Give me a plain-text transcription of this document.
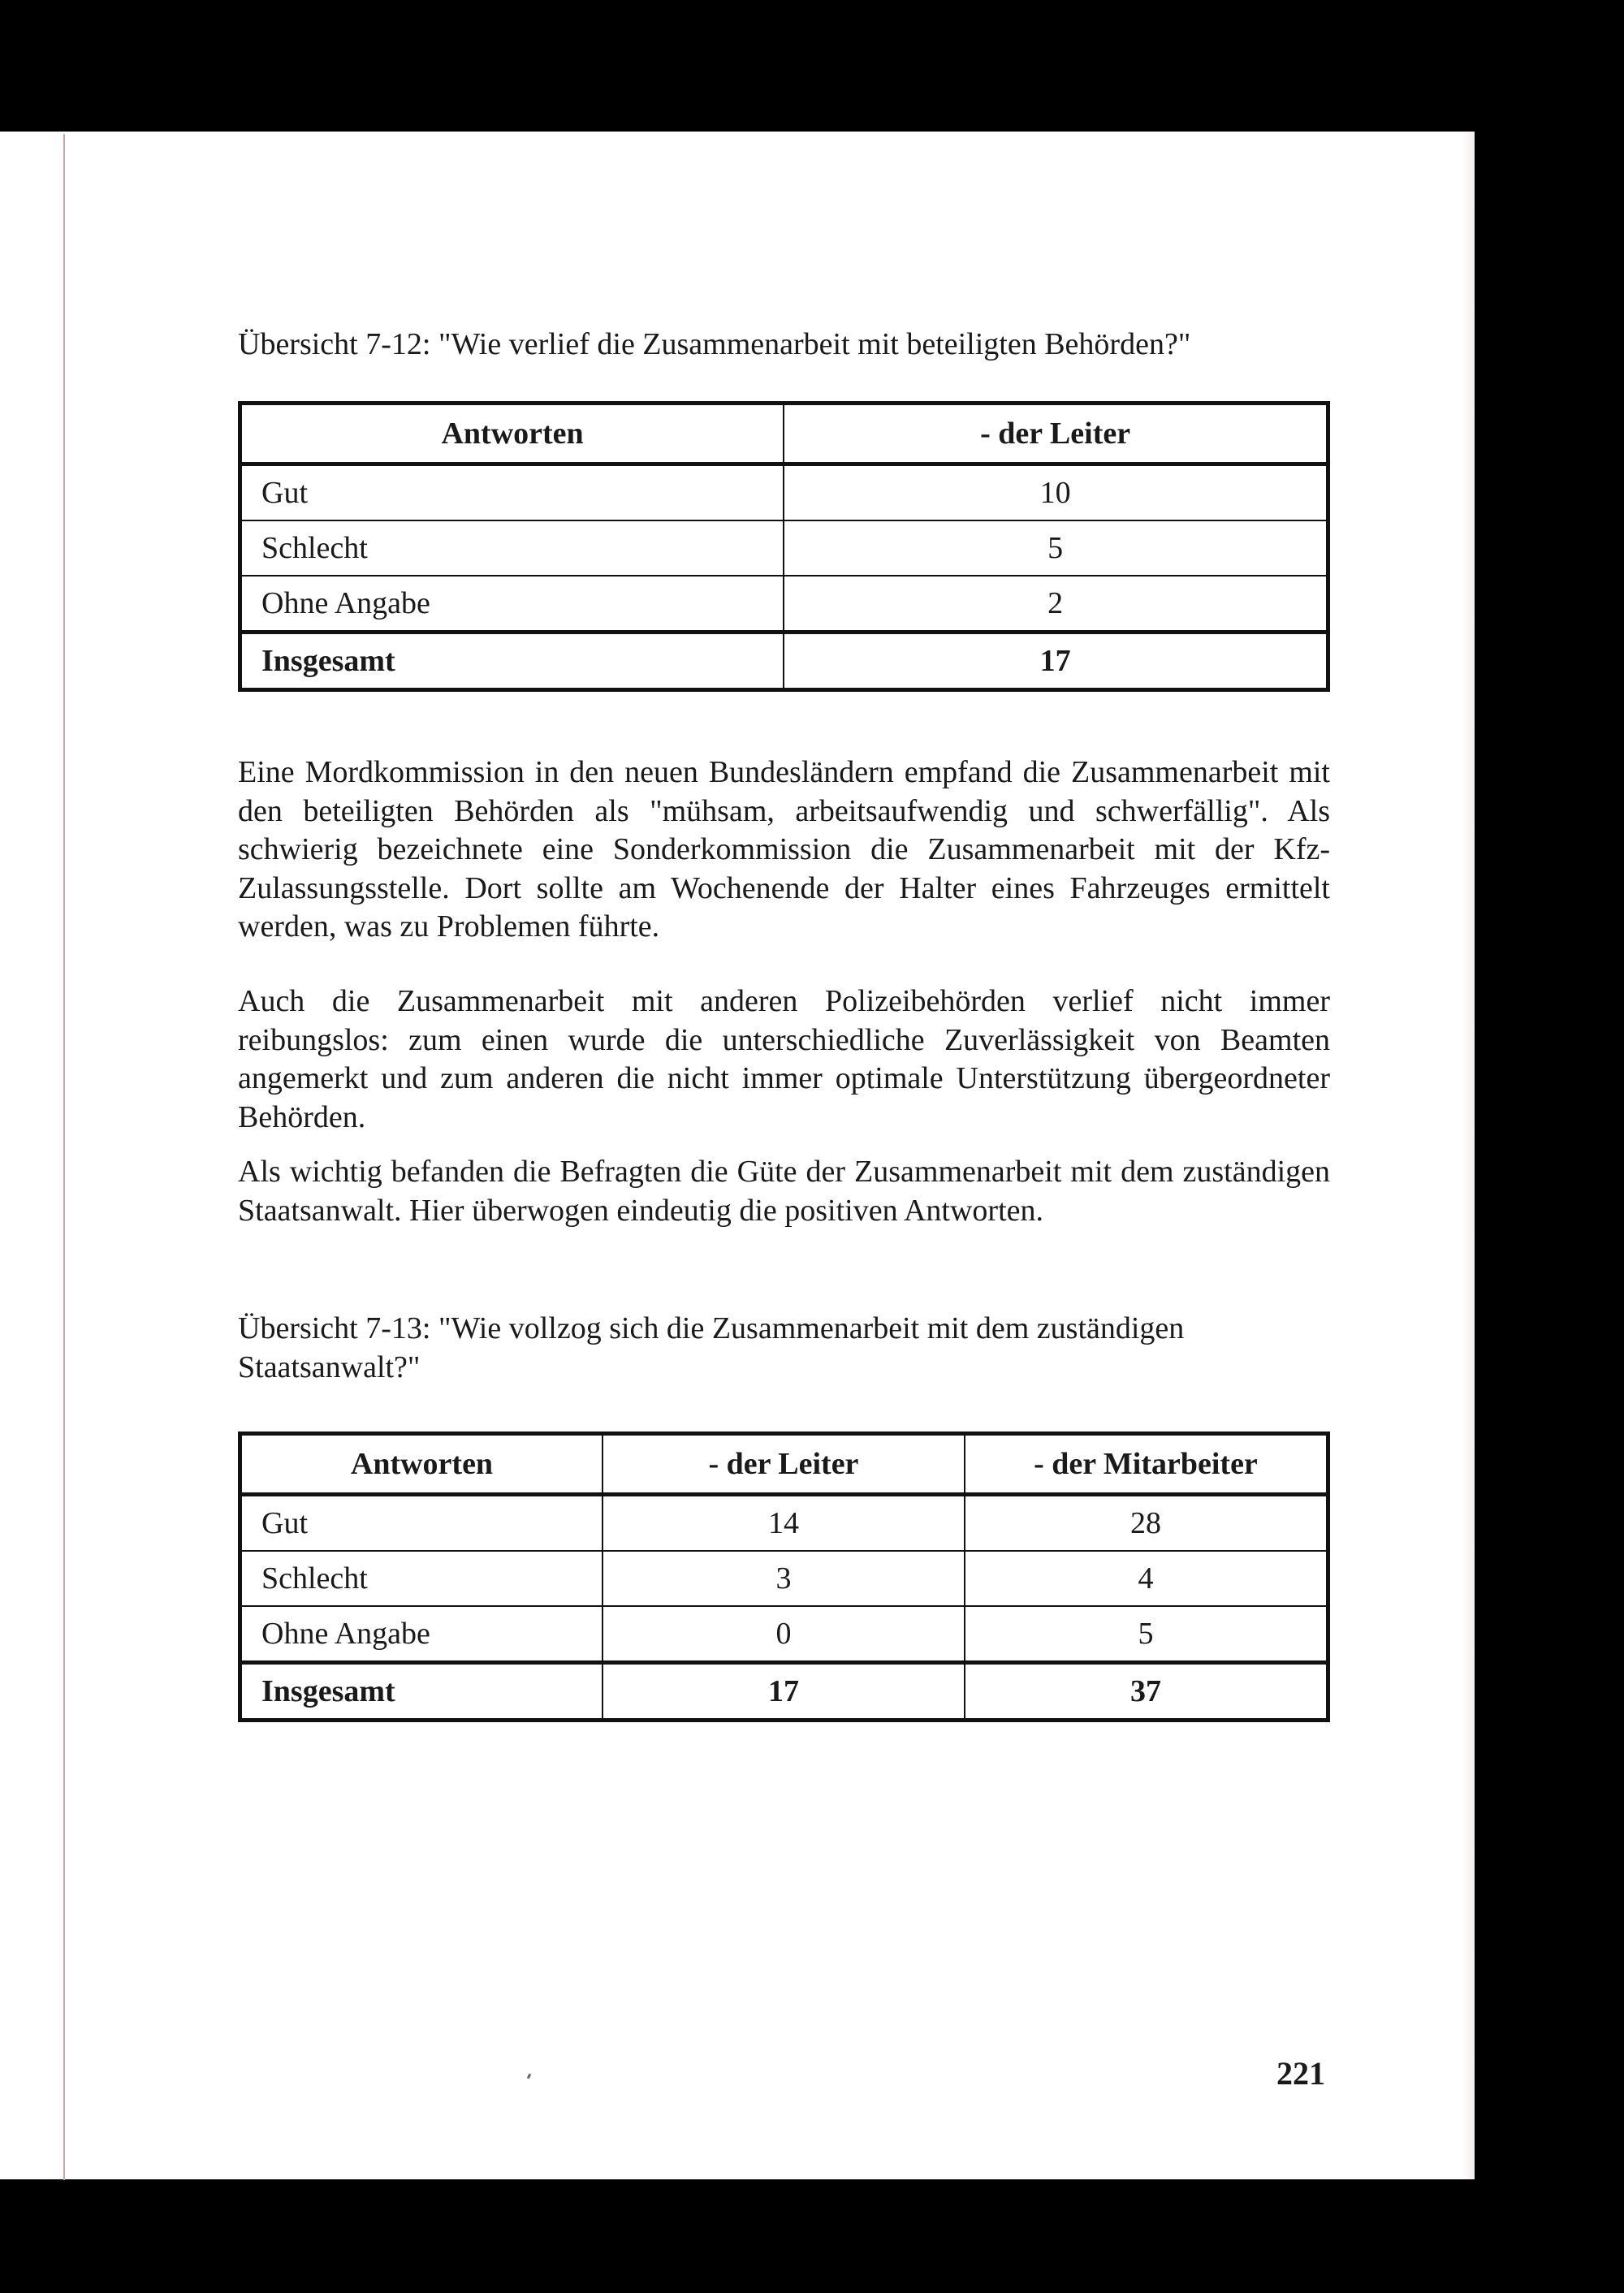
Übersicht 7-12: "Wie verlief die Zusammenarbeit mit beteiligten Behörden?"
Antworten	- der Leiter
Gut	10
Schlecht	5
Ohne Angabe	2
Insgesamt	17

Eine Mordkommission in den neuen Bundesländern empfand die Zusammenarbeit mit den beteiligten Behörden als "mühsam, arbeitsaufwendig und schwerfällig". Als schwierig bezeichnete eine Sonderkommission die Zusammenarbeit mit der Kfz-Zulassungsstelle. Dort sollte am Wochenende der Halter eines Fahrzeuges ermittelt werden, was zu Problemen führte.

Auch die Zusammenarbeit mit anderen Polizeibehörden verlief nicht immer reibungslos: zum einen wurde die unterschiedliche Zuverlässigkeit von Beamten angemerkt und zum anderen die nicht immer optimale Unterstützung übergeordneter Behörden.

Als wichtig befanden die Befragten die Güte der Zusammenarbeit mit dem zuständigen Staatsanwalt. Hier überwogen eindeutig die positiven Antworten.

Übersicht 7-13: "Wie vollzog sich die Zusammenarbeit mit dem zuständigen Staatsanwalt?"
Antworten	- der Leiter	- der Mitarbeiter
Gut	14	28
Schlecht	3	4
Ohne Angabe	0	5
Insgesamt	17	37
221
